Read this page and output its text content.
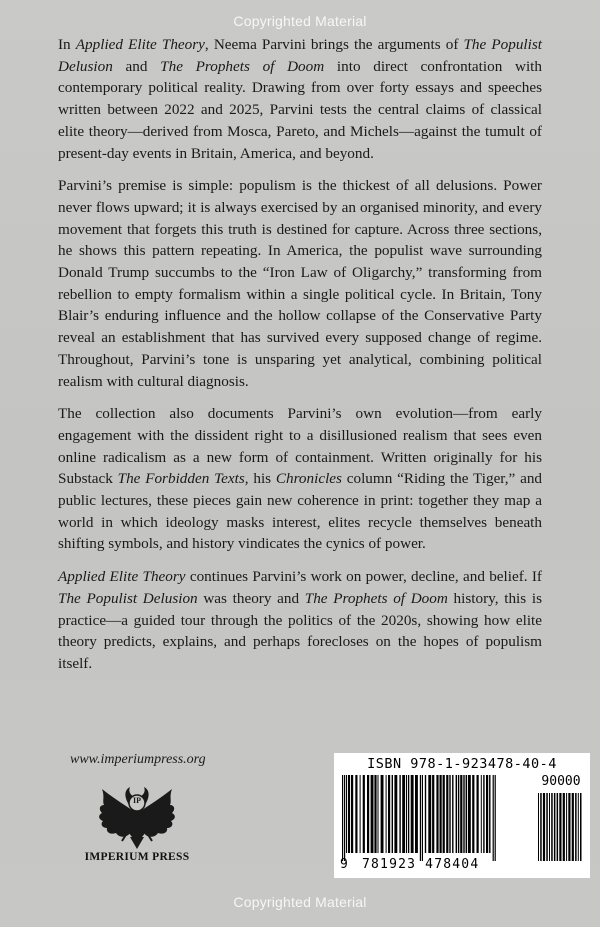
Copyrighted Material

In Applied Elite Theory, Neema Parvini brings the arguments of The Populist Delusion and The Prophets of Doom into direct confrontation with contemporary political reality. Drawing from over forty essays and speeches written between 2022 and 2025, Parvini tests the central claims of classical elite theory—derived from Mosca, Pareto, and Michels—against the tumult of present-day events in Britain, America, and beyond.

Parvini’s premise is simple: populism is the thickest of all delusions. Power never flows upward; it is always exercised by an organised minority, and every movement that forgets this truth is destined for capture. Across three sections, he shows this pattern repeating. In America, the populist wave surrounding Donald Trump succumbs to the “Iron Law of Oligarchy,” transforming from rebellion to empty formalism within a single political cycle. In Britain, Tony Blair’s enduring influence and the hollow collapse of the Conservative Party reveal an establishment that has survived every supposed change of regime. Throughout, Parvini’s tone is unsparing yet analytical, combining political realism with cultural diagnosis.

The collection also documents Parvini’s own evolution—from early engagement with the dissident right to a disillusioned realism that sees even online radicalism as a new form of containment. Written originally for his Substack The Forbidden Texts, his Chronicles column “Riding the Tiger,” and public lectures, these pieces gain new coherence in print: together they map a world in which ideology masks interest, elites recycle themselves beneath shifting symbols, and history vindicates the cynics of power.

Applied Elite Theory continues Parvini’s work on power, decline, and belief. If The Populist Delusion was theory and The Prophets of Doom history, this is practice—a guided tour through the politics of the 2020s, showing how elite theory predicts, explains, and perhaps forecloses on the hopes of populism itself.

www.imperiumpress.org
IP
IMPERIUM PRESS
ISBN 978-1-923478-40-4
90000
9 781923 478404
Copyrighted Material
